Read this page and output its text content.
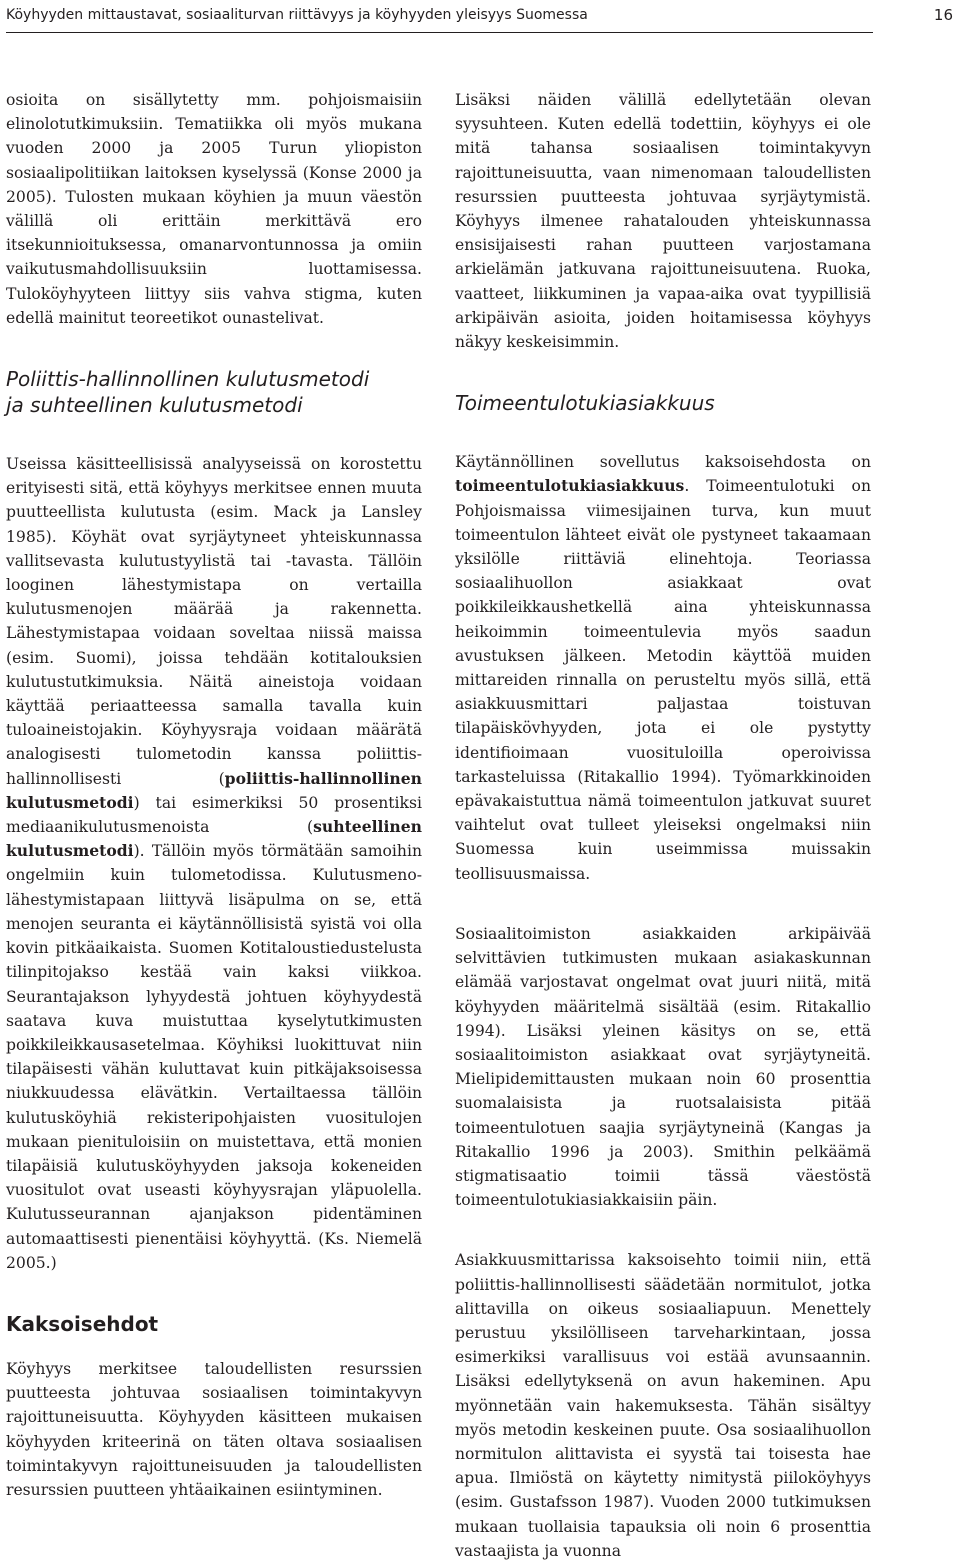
Köyhyyden mittaustavat, sosiaaliturvan riittävyys ja köyhyyden yleisyys Suomessa	16

osioita on sisällytetty mm. pohjoismaisiin elinolotutkimuksiin. Tematiikka oli myös mukana vuoden 2000 ja 2005 Turun yliopiston sosiaalipolitiikan laitoksen kyselyssä (Konse 2000 ja 2005). Tulosten mukaan köyhien ja muun väestön välillä oli erittäin merkittävä ero itsekunnioituksessa, omanarvontunnossa ja omiin vaikutusmahdollisuuksiin luottamisessa. Tuloköyhyyteen liittyy siis vahva stigma, kuten edellä mainitut teoreetikot ounastelivat.

Poliittis-hallinnollinen kulutusmetodi
ja suhteellinen kulutusmetodi

Useissa käsitteellisissä analyyseissä on korostettu erityisesti sitä, että köyhyys merkitsee ennen muuta puutteellista kulutusta (esim. Mack ja Lansley 1985). Köyhät ovat syrjäytyneet yhteiskunnassa vallitsevasta kulutustyylistä tai -tavasta. Tällöin looginen lähestymistapa on vertailla kulutusmenojen määrää ja rakennetta. Lähestymistapaa voidaan soveltaa niissä maissa (esim. Suomi), joissa tehdään kotitalouksien kulutustutkimuksia. Näitä aineistoja voidaan käyttää periaatteessa samalla tavalla kuin tuloaineistojakin. Köyhyysraja voidaan määrätä analogisesti tulometodin kanssa poliittis-hallinnollisesti (poliittis-hallinnollinen kulutusmetodi) tai esimerkiksi 50 prosentiksi mediaanikulutusmenoista (suhteellinen kulutusmetodi). Tällöin myös törmätään samoihin ongelmiin kuin tulometodissa. Kulutusmeno-lähestymistapaan liittyvä lisäpulma on se, että menojen seuranta ei käytännöllisistä syistä voi olla kovin pitkäaikaista. Suomen Kotitaloustiedustelusta tilinpitojakso kestää vain kaksi viikkoa. Seurantajakson lyhyydestä johtuen köyhyydestä saatava kuva muistuttaa kyselytutkimusten poikkileikkausasetelmaa. Köyhiksi luokittuvat niin tilapäisesti vähän kuluttavat kuin pitkäjaksoisessa niukkuudessa elävätkin. Vertailtaessa tällöin kulutusköyhiä rekisteripohjaisten vuositulojen mukaan pienituloisiin on muistettava, että monien tilapäisiä kulutusköyhyyden jaksoja kokeneiden vuositulot ovat useasti köyhyysrajan yläpuolella. Kulutusseurannan ajanjakson pidentäminen automaattisesti pienentäisi köyhyyttä. (Ks. Niemelä 2005.)

Kaksoisehdot

Köyhyys merkitsee taloudellisten resurssien puutteesta johtuvaa sosiaalisen toimintakyvyn rajoittuneisuutta. Köyhyyden käsitteen mukaisen köyhyyden kriteerinä on täten oltava sosiaalisen toimintakyvyn rajoittuneisuuden ja taloudellisten resurssien puutteen yhtäaikainen esiintyminen.

Lisäksi näiden välillä edellytetään olevan syysuhteen. Kuten edellä todettiin, köyhyys ei ole mitä tahansa sosiaalisen toimintakyvyn rajoittuneisuutta, vaan nimenomaan taloudellisten resurssien puutteesta johtuvaa syrjäytymistä. Köyhyys ilmenee rahatalouden yhteiskunnassa ensisijaisesti rahan puutteen varjostamana arkielämän jatkuvana rajoittuneisuutena. Ruoka, vaatteet, liikkuminen ja vapaa-aika ovat tyypillisiä arkipäivän asioita, joiden hoitamisessa köyhyys näkyy keskeisimmin.

Toimeentulotukiasiakkuus

Käytännöllinen sovellutus kaksoisehdosta on toimeentulotukiasiakkuus. Toimeentulotuki on Pohjoismaissa viimesijainen turva, kun muut toimeentulon lähteet eivät ole pystyneet takaamaan yksilölle riittäviä elinehtoja. Teoriassa sosiaalihuollon asiakkaat ovat poikkileikkaushetkellä aina yhteiskunnassa heikoimmin toimeentulevia myös saadun avustuksen jälkeen. Metodin käyttöä muiden mittareiden rinnalla on perusteltu myös sillä, että asiakkuusmittari paljastaa toistuvan tilapäiskövhyyden, jota ei ole pystytty identifioimaan vuosituloilla operoivissa tarkasteluissa (Ritakallio 1994). Työmarkkinoiden epävakaistuttua nämä toimeentulon jatkuvat suuret vaihtelut ovat tulleet yleiseksi ongelmaksi niin Suomessa kuin useimmissa muissakin teollisuusmaissa.

Sosiaalitoimiston asiakkaiden arkipäivää selvittävien tutkimusten mukaan asiakaskunnan elämää varjostavat ongelmat ovat juuri niitä, mitä köyhyyden määritelmä sisältää (esim. Ritakallio 1994). Lisäksi yleinen käsitys on se, että sosiaalitoimiston asiakkaat ovat syrjäytyneitä. Mielipidemittausten mukaan noin 60 prosenttia suomalaisista ja ruotsalaisista pitää toimeentulotuen saajia syrjäytyneinä (Kangas ja Ritakallio 1996 ja 2003). Smithin pelkäämä stigmatisaatio toimii tässä väestöstä toimeentulotukiasiakkaisiin päin.

Asiakkuusmittarissa kaksoisehto toimii niin, että poliittis-hallinnollisesti säädetään normitulot, jotka alittavilla on oikeus sosiaaliapuun. Menettely perustuu yksilölliseen tarveharkintaan, jossa esimerkiksi varallisuus voi estää avunsaannin. Lisäksi edellytyksenä on avun hakeminen. Apu myönnetään vain hakemuksesta. Tähän sisältyy myös metodin keskeinen puute. Osa sosiaalihuollon normitulon alittavista ei syystä tai toisesta hae apua. Ilmiöstä on käytetty nimitystä piiloköyhyys (esim. Gustafsson 1987). Vuoden 2000 tutkimuksen mukaan tuollaisia tapauksia oli noin 6 prosenttia vastaajista ja vuonna
